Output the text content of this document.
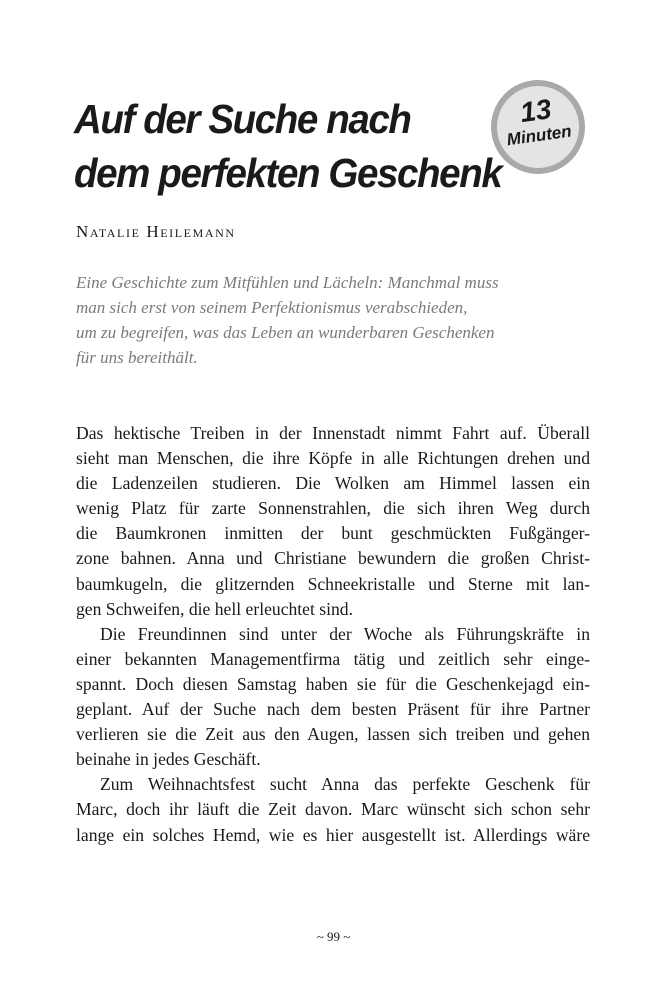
Auf der Suche nach
dem perfekten Geschenk
13
Minuten
Natalie Heilemann
Eine Geschichte zum Mitfühlen und Lächeln: Manchmal muss
man sich erst von seinem Perfektionismus verabschieden,
um zu begreifen, was das Leben an wunderbaren Geschenken
für uns bereithält.
Das hektische Treiben in der Innenstadt nimmt Fahrt auf. Überall
sieht man Menschen, die ihre Köpfe in alle Richtungen drehen und
die Ladenzeilen studieren. Die Wolken am Himmel lassen ein
wenig Platz für zarte Sonnenstrahlen, die sich ihren Weg durch
die Baumkronen inmitten der bunt geschmückten Fußgänger-
zone bahnen. Anna und Christiane bewundern die großen Christ-
baumkugeln, die glitzernden Schneekristalle und Sterne mit lan-
gen Schweifen, die hell erleuchtet sind.
Die Freundinnen sind unter der Woche als Führungskräfte in
einer bekannten Managementfirma tätig und zeitlich sehr einge-
spannt. Doch diesen Samstag haben sie für die Geschenkejagd ein-
geplant. Auf der Suche nach dem besten Präsent für ihre Partner
verlieren sie die Zeit aus den Augen, lassen sich treiben und gehen
beinahe in jedes Geschäft.
Zum Weihnachtsfest sucht Anna das perfekte Geschenk für
Marc, doch ihr läuft die Zeit davon. Marc wünscht sich schon sehr
lange ein solches Hemd, wie es hier ausgestellt ist. Allerdings wäre
~ 99 ~
